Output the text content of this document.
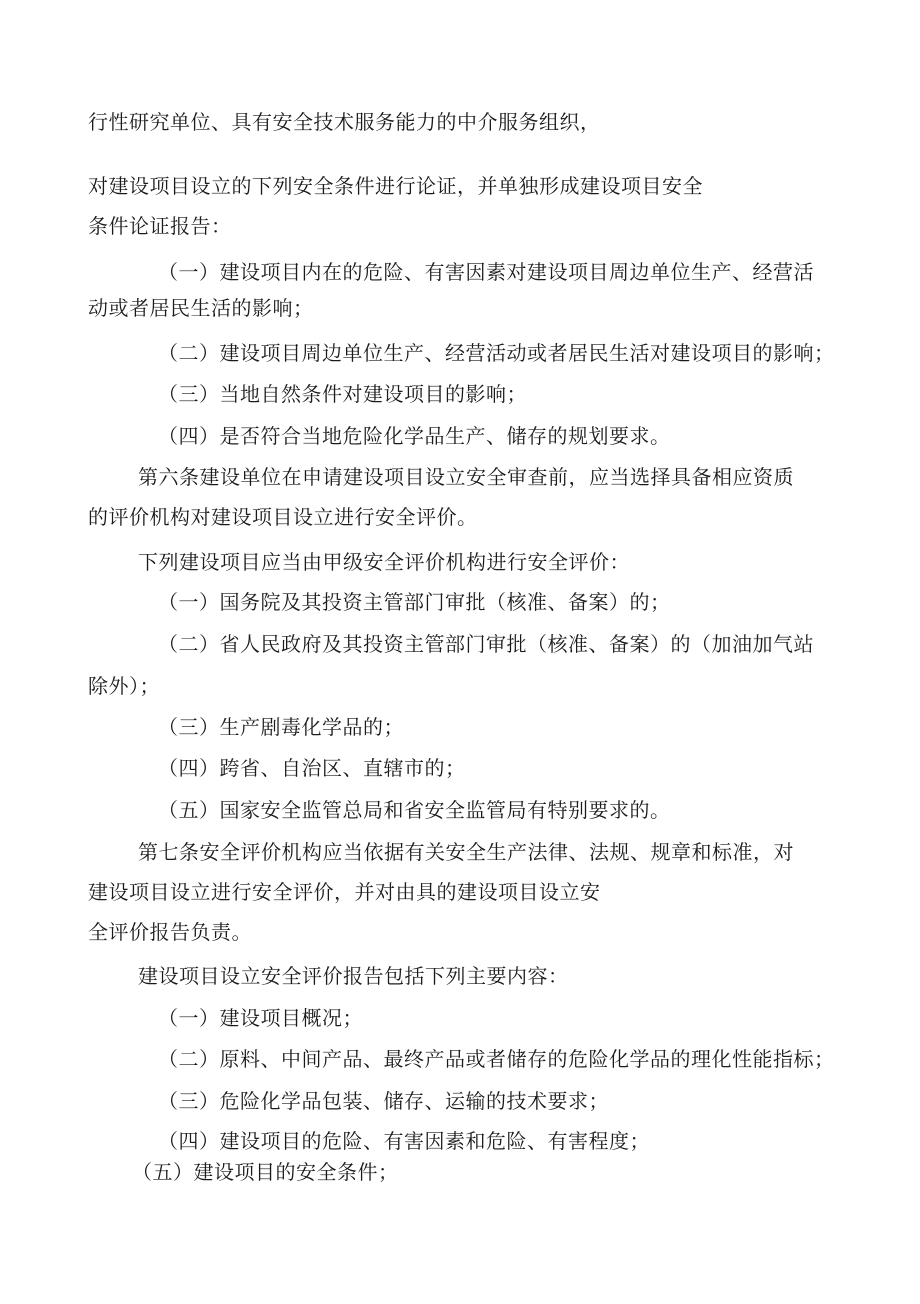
行性研究单位、具有安全技术服务能力的中介服务组织，

对建设项目设立的下列安全条件进行论证，并单独形成建设项目安全

条件论证报告：

（一）建设项目内在的危险、有害因素对建设项目周边单位生产、经营活

动或者居民生活的影响；

（二）建设项目周边单位生产、经营活动或者居民生活对建设项目的影响；

（三）当地自然条件对建设项目的影响；

（四）是否符合当地危险化学品生产、储存的规划要求。

第六条建设单位在申请建设项目设立安全审查前，应当选择具备相应资质

的评价机构对建设项目设立进行安全评价。

下列建设项目应当由甲级安全评价机构进行安全评价：

（一）国务院及其投资主管部门审批（核准、备案）的；

（二）省人民政府及其投资主管部门审批（核准、备案）的（加油加气站

除外）；

（三）生产剧毒化学品的；

（四）跨省、自治区、直辖市的；

（五）国家安全监管总局和省安全监管局有特别要求的。

第七条安全评价机构应当依据有关安全生产法律、法规、规章和标准，对

建设项目设立进行安全评价，并对由具的建设项目设立安

全评价报告负责。

建设项目设立安全评价报告包括下列主要内容：

（一）建设项目概况；

（二）原料、中间产品、最终产品或者储存的危险化学品的理化性能指标；

（三）危险化学品包装、储存、运输的技术要求；

（四）建设项目的危险、有害因素和危险、有害程度；

（五）建设项目的安全条件；
